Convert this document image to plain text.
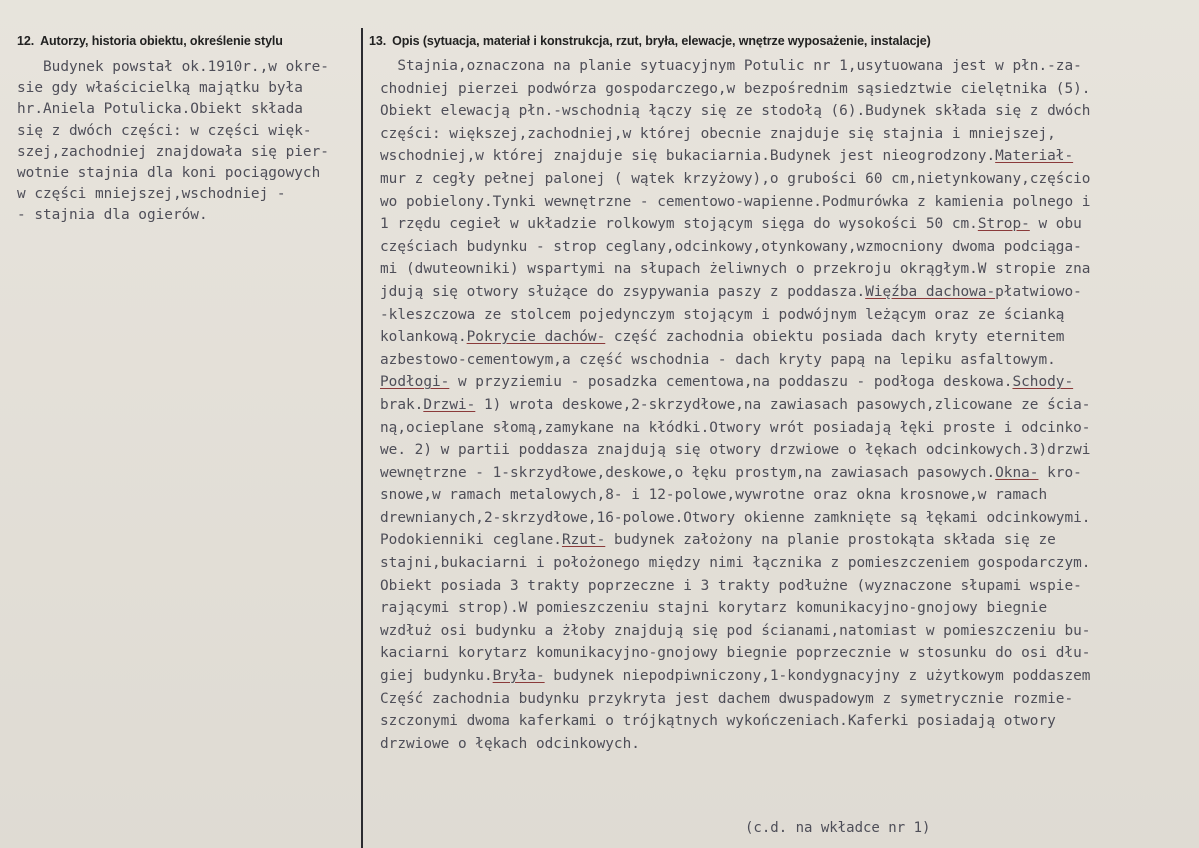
12. Autorzy, historia obiektu, określenie stylu	13. Opis (sytuacja, materiał i konstrukcja, rzut, bryła, elewacje, wnętrze wyposażenie, instalacje)
Budynek powstał ok.1910r.,w okre-
sie gdy właścicielką majątku była
hr.Aniela Potulicka.Obiekt składa
się z dwóch części: w części więk-
szej,zachodniej znajdowała się pier-
wotnie stajnia dla koni pociągowych
w części mniejszej,wschodniej -
- stajnia dla ogierów.
Stajnia,oznaczona na planie sytuacyjnym Potulic nr 1,usytuowana jest w płn.-za-
chodniej pierzei podwórza gospodarczego,w bezpośrednim sąsiedztwie cielętnika (5).
Obiekt elewacją płn.-wschodnią łączy się ze stodołą (6).Budynek składa się z dwóch
części: większej,zachodniej,w której obecnie znajduje się stajnia i mniejszej,
wschodniej,w której znajduje się bukaciarnia.Budynek jest nieogrodzony.Materiał-
mur z cegły pełnej palonej ( wątek krzyżowy),o grubości 60 cm,nietynkowany,częścio
wo pobielony.Tynki wewnętrzne - cementowo-wapienne.Podmurówka z kamienia polnego i
1 rzędu cegieł w układzie rolkowym stojącym sięga do wysokości 50 cm.Strop- w obu
częściach budynku - strop ceglany,odcinkowy,otynkowany,wzmocniony dwoma podciąga-
mi (dwuteowniki) wspartymi na słupach żeliwnych o przekroju okrągłym.W stropie zna
jdują się otwory służące do zsypywania paszy z poddasza.Więźba dachowa-płatwiowo-
-kleszczowa ze stolcem pojedynczym stojącym i podwójnym leżącym oraz ze ścianką
kolankową.Pokrycie dachów- część zachodnia obiektu posiada dach kryty eternitem
azbestowo-cementowym,a część wschodnia - dach kryty papą na lepiku asfaltowym.
Podłogi- w przyziemiu - posadzka cementowa,na poddaszu - podłoga deskowa.Schody-
brak.Drzwi- 1) wrota deskowe,2-skrzydłowe,na zawiasach pasowych,zlicowane ze ścia-
ną,ocieplane słomą,zamykane na kłódki.Otwory wrót posiadają łęki proste i odcinko-
we. 2) w partii poddasza znajdują się otwory drzwiowe o łękach odcinkowych.3)drzwi
wewnętrzne - 1-skrzydłowe,deskowe,o łęku prostym,na zawiasach pasowych.Okna- kro-
snowe,w ramach metalowych,8- i 12-polowe,wywrotne oraz okna krosnowe,w ramach
drewnianych,2-skrzydłowe,16-polowe.Otwory okienne zamknięte są łękami odcinkowymi.
Podokienniki ceglane.Rzut- budynek założony na planie prostokąta składa się ze
stajni,bukaciarni i położonego między nimi łącznika z pomieszczeniem gospodarczym.
Obiekt posiada 3 trakty poprzeczne i 3 trakty podłużne (wyznaczone słupami wspie-
rającymi strop).W pomieszczeniu stajni korytarz komunikacyjno-gnojowy biegnie
wzdłuż osi budynku a żłoby znajdują się pod ścianami,natomiast w pomieszczeniu bu-
kaciarni korytarz komunikacyjno-gnojowy biegnie poprzecznie w stosunku do osi dłu-
giej budynku.Bryła- budynek niepodpiwniczony,1-kondygnacyjny z użytkowym poddaszem
Część zachodnia budynku przykryta jest dachem dwuspadowym z symetrycznie rozmie-
szczonymi dwoma kaferkami o trójkątnych wykończeniach.Kaferki posiadają otwory
drzwiowe o łękach odcinkowych.
(c.d. na wkładce nr 1)
